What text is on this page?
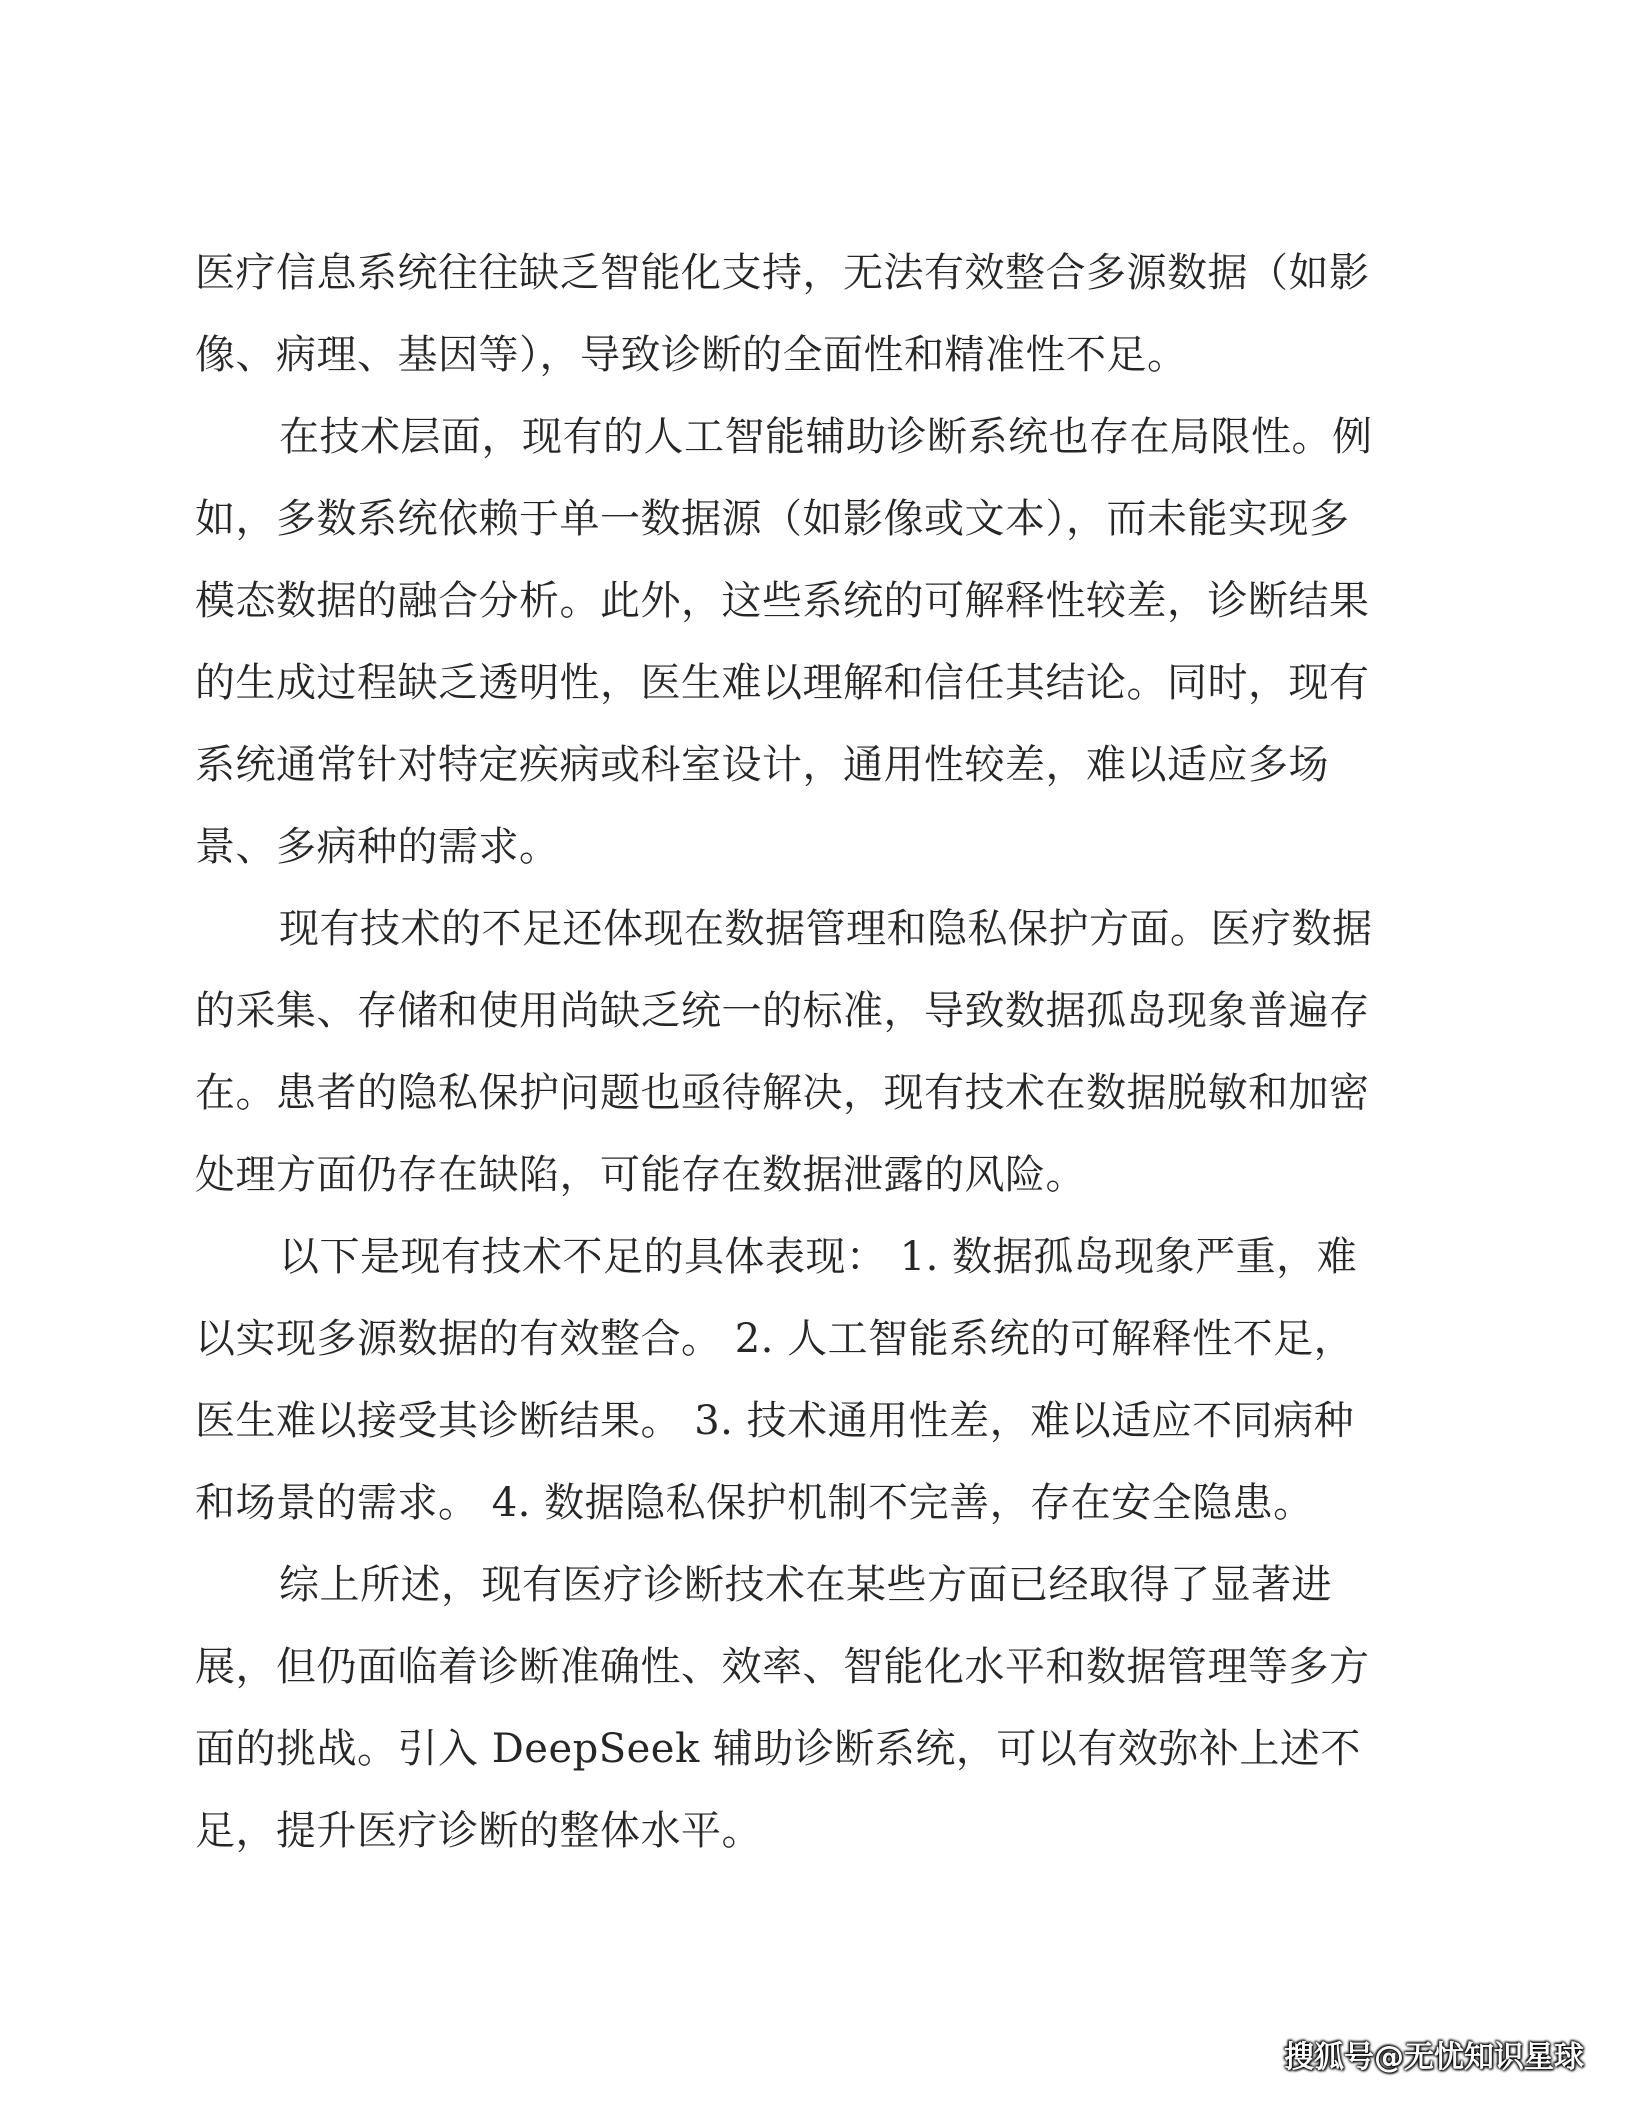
医疗信息系统往往缺乏智能化支持，无法有效整合多源数据（如影
像、病理、基因等），导致诊断的全面性和精准性不足。
在技术层面，现有的人工智能辅助诊断系统也存在局限性。例
如，多数系统依赖于单一数据源（如影像或文本），而未能实现多
模态数据的融合分析。此外，这些系统的可解释性较差，诊断结果
的生成过程缺乏透明性，医生难以理解和信任其结论。同时，现有
系统通常针对特定疾病或科室设计，通用性较差，难以适应多场
景、多病种的需求。
现有技术的不足还体现在数据管理和隐私保护方面。医疗数据
的采集、存储和使用尚缺乏统一的标准，导致数据孤岛现象普遍存
在。患者的隐私保护问题也亟待解决，现有技术在数据脱敏和加密
处理方面仍存在缺陷，可能存在数据泄露的风险。
以下是现有技术不足的具体表现： 1. 数据孤岛现象严重，难
以实现多源数据的有效整合。 2. 人工智能系统的可解释性不足，
医生难以接受其诊断结果。 3. 技术通用性差，难以适应不同病种
和场景的需求。 4. 数据隐私保护机制不完善，存在安全隐患。
综上所述，现有医疗诊断技术在某些方面已经取得了显著进
展，但仍面临着诊断准确性、效率、智能化水平和数据管理等多方
面的挑战。引入 DeepSeek 辅助诊断系统，可以有效弥补上述不
足，提升医疗诊断的整体水平。
搜狐号@无忧知识星球
